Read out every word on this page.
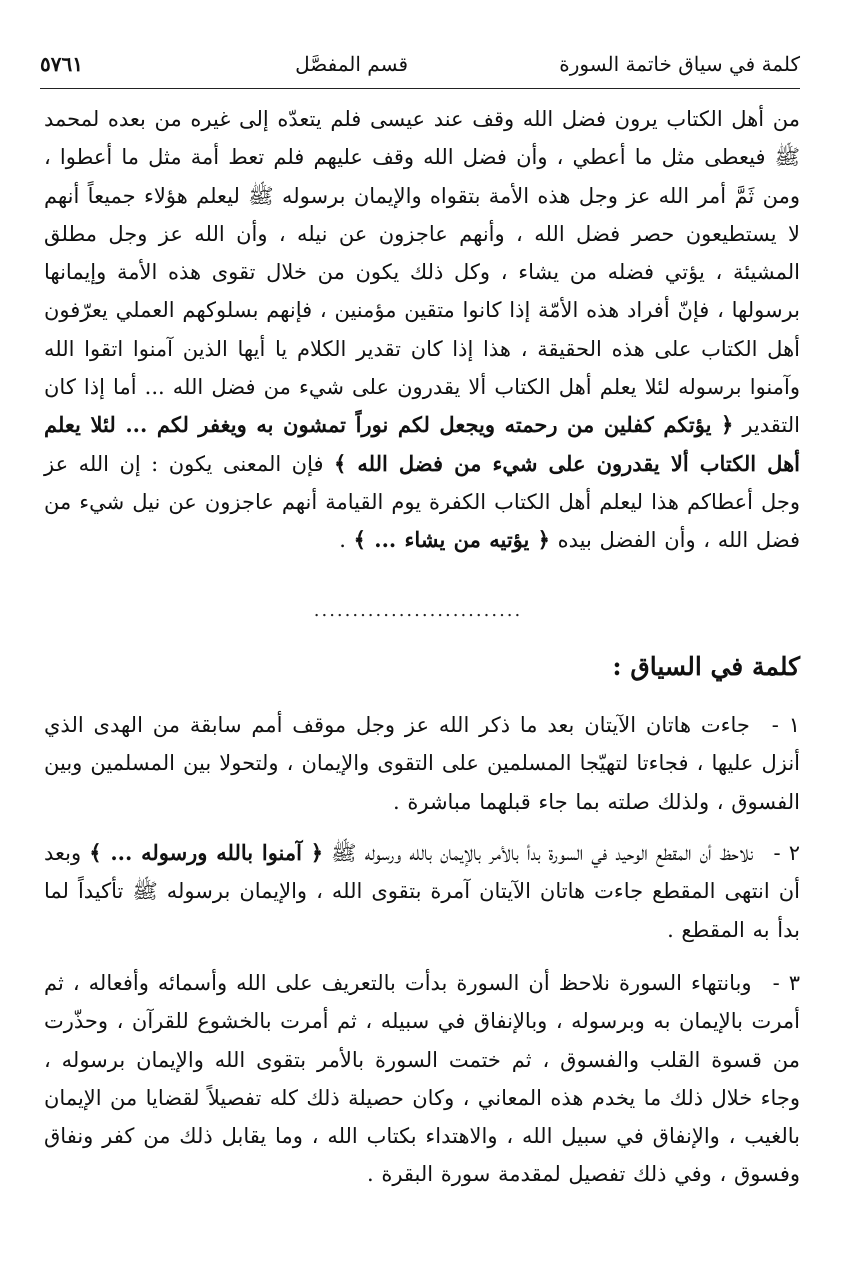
كلمة في سياق خاتمة السورة
قسم المفصَّل
٥٧٦١
من أهل الكتاب يرون فضل الله وقف عند عيسى فلم يتعدّه إلى غيره من بعده لمحمد ﷺ فيعطى مثل ما أعطي ، وأن فضل الله وقف عليهم فلم تعط أمة مثل ما أعطوا ، ومن ثَمَّ أمر الله عز وجل هذه الأمة بتقواه والإيمان برسوله ﷺ ليعلم هؤلاء جميعاً أنهم لا يستطيعون حصر فضل الله ، وأنهم عاجزون عن نيله ، وأن الله عز وجل مطلق المشيئة ، يؤتي فضله من يشاء ، وكل ذلك يكون من خلال تقوى هذه الأمة وإيمانها برسولها ، فإنّ أفراد هذه الأمّة إذا كانوا متقين مؤمنين ، فإنهم بسلوكهم العملي يعرّفون أهل الكتاب على هذه الحقيقة ، هذا إذا كان تقدير الكلام يا أيها الذين آمنوا اتقوا الله وآمنوا برسوله لئلا يعلم أهل الكتاب ألا يقدرون على شيء من فضل الله ... أما إذا كان التقدير ﴿ يؤتكم كفلين من رحمته ويجعل لكم نوراً تمشون به ويغفر لكم ... لئلا يعلم أهل الكتاب ألا يقدرون على شيء من فضل الله ﴾ فإن المعنى يكون : إن الله عز وجل أعطاكم هذا ليعلم أهل الكتاب الكفرة يوم القيامة أنهم عاجزون عن نيل شيء من فضل الله ، وأن الفضل بيده ﴿ يؤتيه من يشاء ... ﴾ .
...........................
كلمة في السياق :
١ - جاءت هاتان الآيتان بعد ما ذكر الله عز وجل موقف أمم سابقة من الهدى الذي أنزل عليها ، فجاءتا لتهيّجا المسلمين على التقوى والإيمان ، ولتحولا بين المسلمين وبين الفسوق ، ولذلك صلته بما جاء قبلهما مباشرة .
٢ - نلاحظ أن المقطع الوحيد في السورة بدأ بالأمر بالإيمان بالله ورسوله ﷺ ﴿ آمنوا بالله ورسوله ... ﴾ وبعد أن انتهى المقطع جاءت هاتان الآيتان آمرة بتقوى الله ، والإيمان برسوله ﷺ تأكيداً لما بدأ به المقطع .
٣ - وبانتهاء السورة نلاحظ أن السورة بدأت بالتعريف على الله وأسمائه وأفعاله ، ثم أمرت بالإيمان به وبرسوله ، وبالإنفاق في سبيله ، ثم أمرت بالخشوع للقرآن ، وحذّرت من قسوة القلب والفسوق ، ثم ختمت السورة بالأمر بتقوى الله والإيمان برسوله ، وجاء خلال ذلك ما يخدم هذه المعاني ، وكان حصيلة ذلك كله تفصيلاً لقضايا من الإيمان بالغيب ، والإنفاق في سبيل الله ، والاهتداء بكتاب الله ، وما يقابل ذلك من كفر ونفاق وفسوق ، وفي ذلك تفصيل لمقدمة سورة البقرة .
